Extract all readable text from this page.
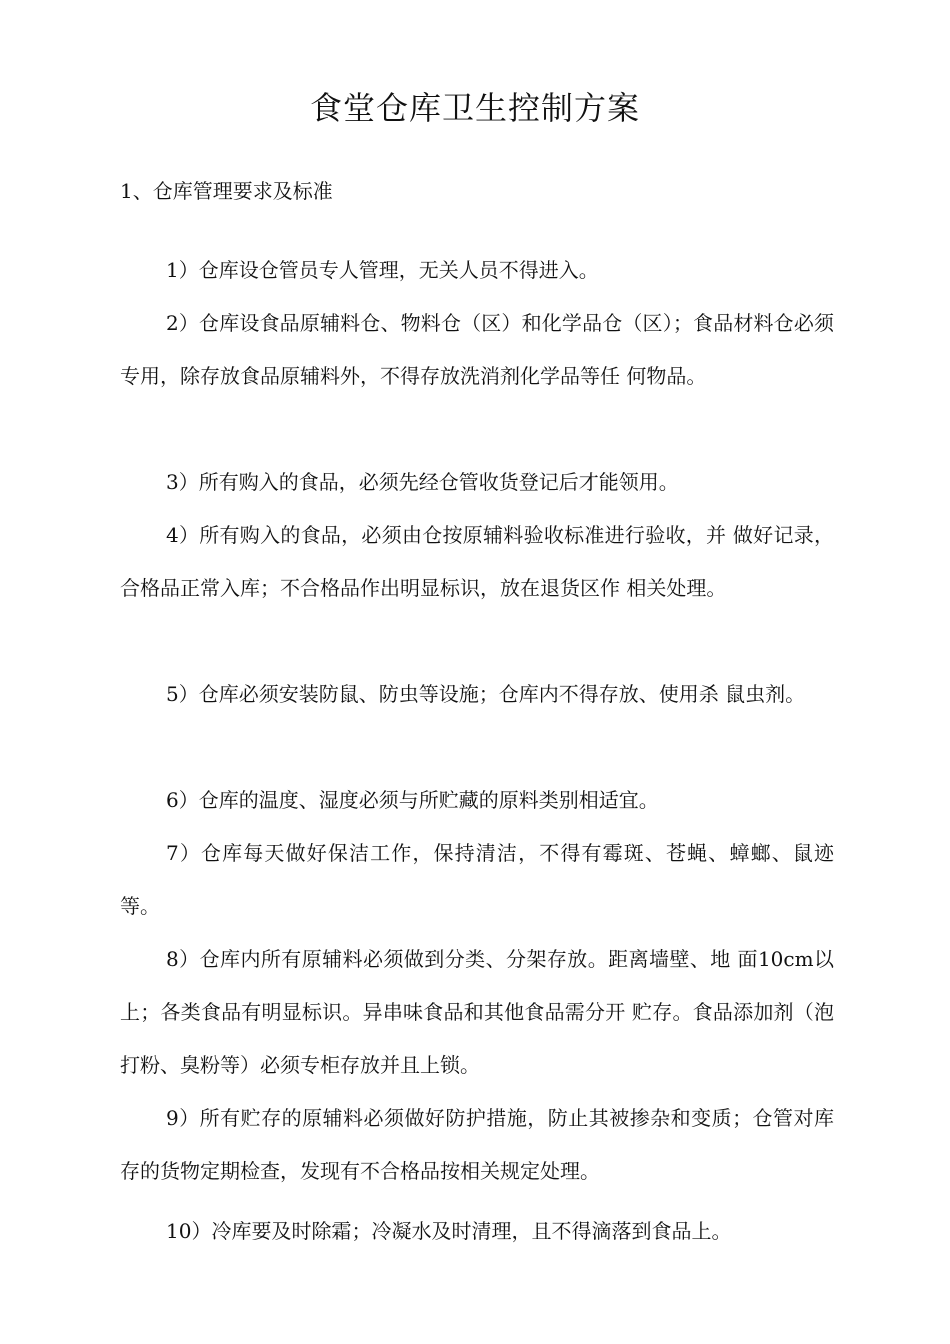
食堂仓库卫生控制方案
1、仓库管理要求及标准

1）仓库设仓管员专人管理，无关人员不得进入。

2）仓库设食品原辅料仓、物料仓（区）和化学品仓（区）；食品材料仓必须专用，除存放食品原辅料外，不得存放洗消剂化学品等任 何物品。

3）所有购入的食品，必须先经仓管收货登记后才能领用。

4）所有购入的食品，必须由仓按原辅料验收标准进行验收，并 做好记录，合格品正常入库；不合格品作出明显标识，放在退货区作 相关处理。

5）仓库必须安装防鼠、防虫等设施；仓库内不得存放、使用杀 鼠虫剂。

6）仓库的温度、湿度必须与所贮藏的原料类别相适宜。

7）仓库每天做好保洁工作，保持清洁，不得有霉斑、苍蝇、蟑螂、鼠迹等。

8）仓库内所有原辅料必须做到分类、分架存放。距离墙壁、地 面10cm以上；各类食品有明显标识。异串味食品和其他食品需分开 贮存。食品添加剂（泡打粉、臭粉等）必须专柜存放并且上锁。

9）所有贮存的原辅料必须做好防护措施，防止其被掺杂和变质；仓管对库存的货物定期检查，发现有不合格品按相关规定处理。

10）冷库要及时除霜；冷凝水及时清理，且不得滴落到食品上。
